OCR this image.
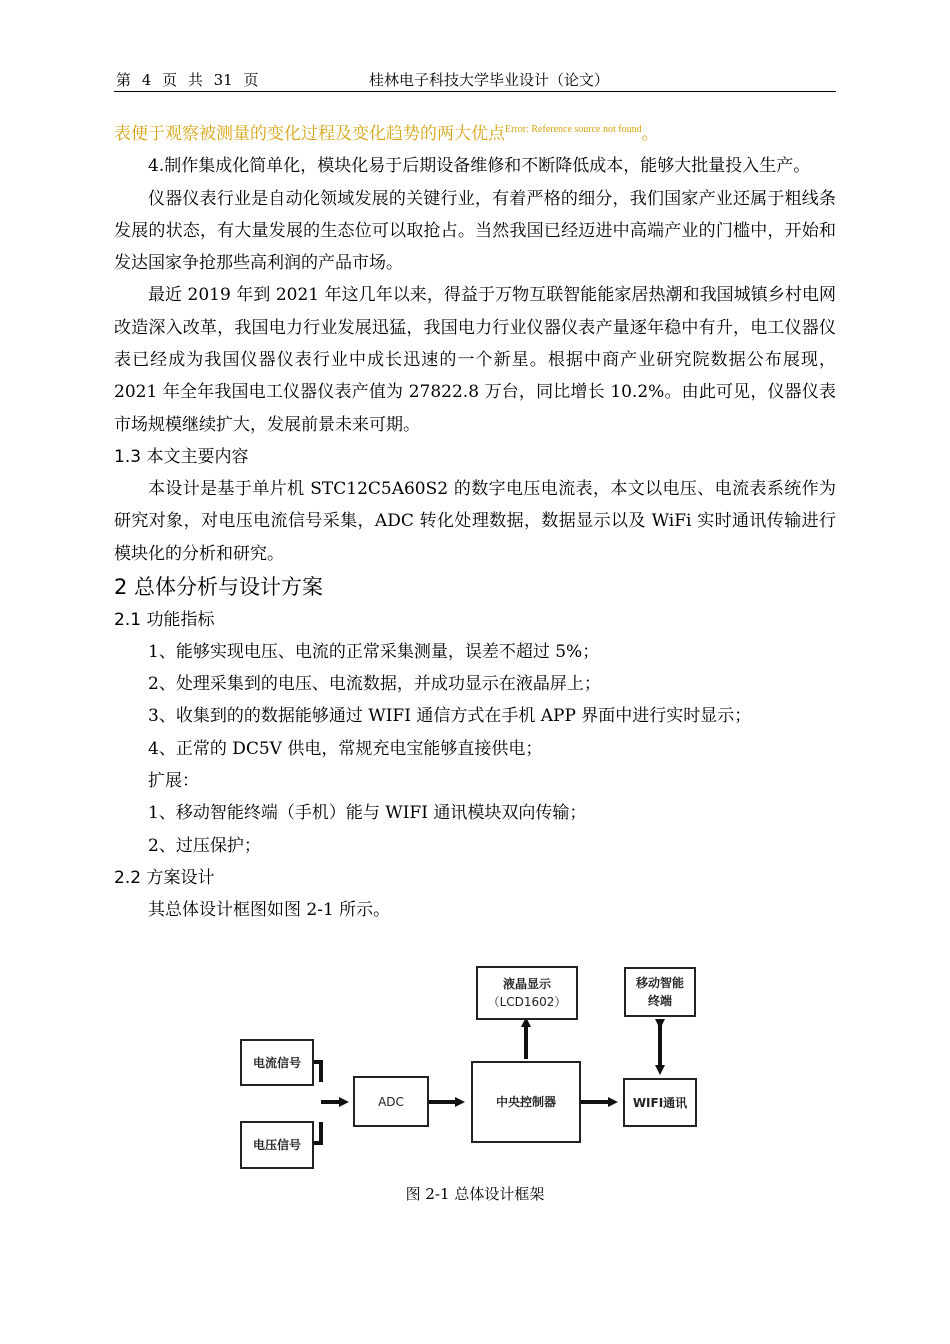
第 4 页 共 31 页	桂林电子科技大学毕业设计（论文）

表便于观察被测量的变化过程及变化趋势的两大优点$^{Error: Reference source not found}$。

4.制作集成化简单化，模块化易于后期设备维修和不断降低成本，能够大批量投入生产。

仪器仪表行业是自动化领域发展的关键行业，有着严格的细分，我们国家产业还属于粗线条发展的状态，有大量发展的生态位可以取抢占。当然我国已经迈进中高端产业的门槛中，开始和发达国家争抢那些高利润的产品市场。

最近 2019 年到 2021 年这几年以来，得益于万物互联智能能家居热潮和我国城镇乡村电网改造深入改革，我国电力行业发展迅猛，我国电力行业仪器仪表产量逐年稳中有升，电工仪器仪表已经成为我国仪器仪表行业中成长迅速的一个新星。根据中商产业研究院数据公布展现，2021 年全年我国电工仪器仪表产值为 27822.8 万台，同比增长 10.2%。由此可见，仪器仪表市场规模继续扩大，发展前景未来可期。

1.3 本文主要内容

本设计是基于单片机 STC12C5A60S2 的数字电压电流表，本文以电压、电流表系统作为研究对象，对电压电流信号采集，ADC 转化处理数据，数据显示以及 WiFi 实时通讯传输进行模块化的分析和研究。

2 总体分析与设计方案

2.1 功能指标

1、能够实现电压、电流的正常采集测量，误差不超过 5%；

2、处理采集到的电压、电流数据，并成功显示在液晶屏上；

3、收集到的的数据能够通过 WIFI 通信方式在手机 APP 界面中进行实时显示；

4、正常的 DC5V 供电，常规充电宝能够直接供电；

扩展：

1、移动智能终端（手机）能与 WIFI 通讯模块双向传输；

2、过压保护；

2.2 方案设计

其总体设计框图如图 2-1 所示。

电流信号
电压信号
ADC	中央控制器
液晶显示
（LCD1602）
移动智能
终端
WIFI通讯
图 2-1 总体设计框架
